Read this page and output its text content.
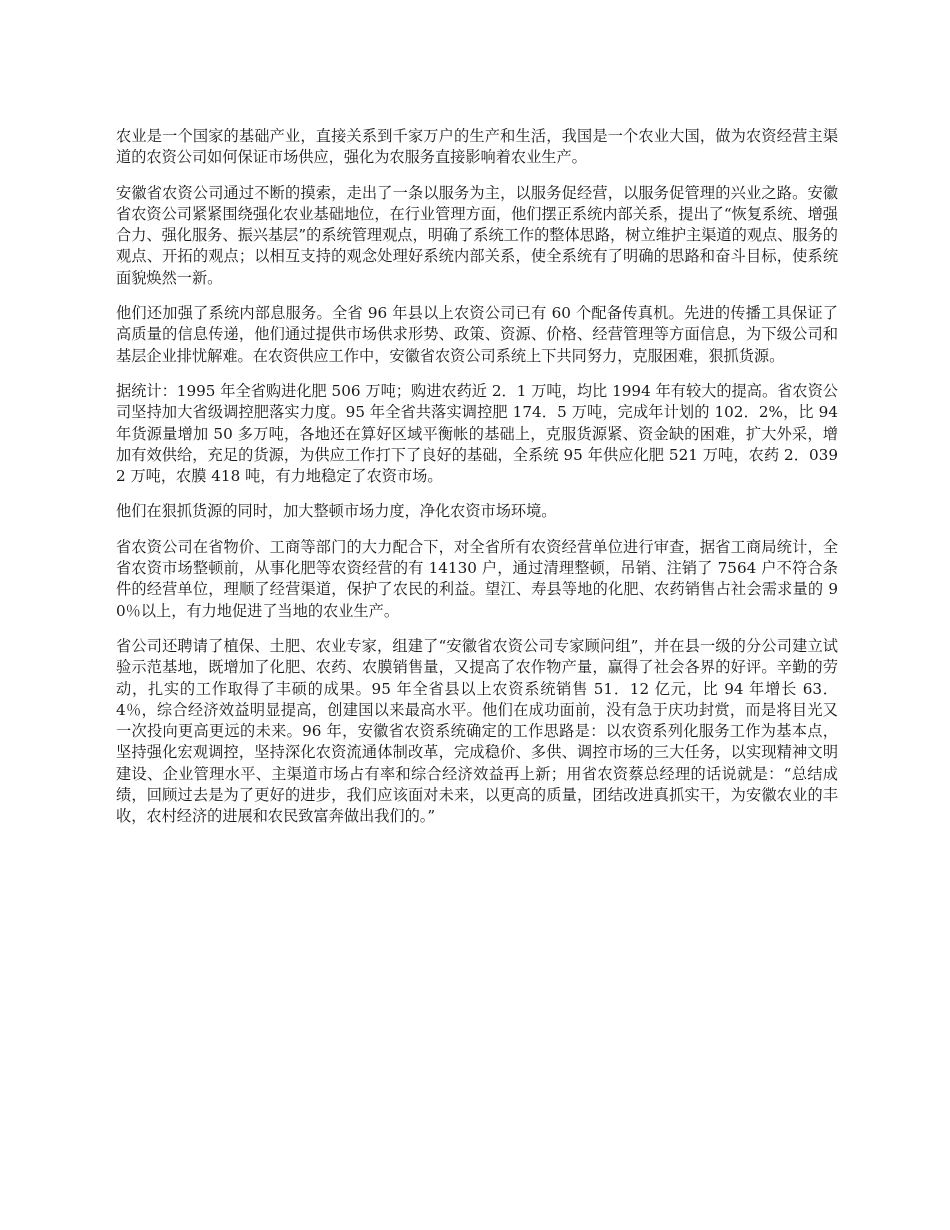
农业是一个国家的基础产业，直接关系到千家万户的生产和生活，我国是一个农业大国，做为农资经营主渠道的农资公司如何保证市场供应，强化为农服务直接影响着农业生产。

安徽省农资公司通过不断的摸索，走出了一条以服务为主，以服务促经营，以服务促管理的兴业之路。安徽省农资公司紧紧围绕强化农业基础地位，在行业管理方面，他们摆正系统内部关系，提出了“恢复系统、增强合力、强化服务、振兴基层”的系统管理观点，明确了系统工作的整体思路，树立维护主渠道的观点、服务的观点、开拓的观点；以相互支持的观念处理好系统内部关系，使全系统有了明确的思路和奋斗目标，使系统面貌焕然一新。

他们还加强了系统内部息服务。全省 96 年县以上农资公司已有 60 个配备传真机。先进的传播工具保证了高质量的信息传递，他们通过提供市场供求形势、政策、资源、价格、经营管理等方面信息，为下级公司和基层企业排忧解难。在农资供应工作中，安徽省农资公司系统上下共同努力，克服困难，狠抓货源。

据统计：1995 年全省购进化肥 506 万吨；购进农药近 2．1 万吨，均比 1994 年有较大的提高。省农资公司坚持加大省级调控肥落实力度。95 年全省共落实调控肥 174．5 万吨，完成年计划的 102．2%，比 94 年货源量增加 50 多万吨，各地还在算好区域平衡帐的基础上，克服货源紧、资金缺的困难，扩大外采，增加有效供给，充足的货源，为供应工作打下了良好的基础，全系统 95 年供应化肥 521 万吨，农药 2．0392 万吨，农膜 418 吨，有力地稳定了农资市场。

他们在狠抓货源的同时，加大整顿市场力度，净化农资市场环境。

省农资公司在省物价、工商等部门的大力配合下，对全省所有农资经营单位进行审查，据省工商局统计，全省农资市场整顿前，从事化肥等农资经营的有 14130 户，通过清理整顿，吊销、注销了 7564 户不符合条件的经营单位，理顺了经营渠道，保护了农民的利益。望江、寿县等地的化肥、农药销售占社会需求量的 90％以上，有力地促进了当地的农业生产。

省公司还聘请了植保、土肥、农业专家，组建了“安徽省农资公司专家顾问组”，并在县一级的分公司建立试验示范基地，既增加了化肥、农药、农膜销售量，又提高了农作物产量，赢得了社会各界的好评。辛勤的劳动，扎实的工作取得了丰硕的成果。95 年全省县以上农资系统销售 51．12 亿元，比 94 年增长 63．4％，综合经济效益明显提高，创建国以来最高水平。他们在成功面前，没有急于庆功封赏，而是将目光又一次投向更高更远的未来。96 年，安徽省农资系统确定的工作思路是：以农资系列化服务工作为基本点，坚持强化宏观调控，坚持深化农资流通体制改革，完成稳价、多供、调控市场的三大任务，以实现精神文明建设、企业管理水平、主渠道市场占有率和综合经济效益再上新；用省农资蔡总经理的话说就是：“总结成绩，回顾过去是为了更好的进步，我们应该面对未来，以更高的质量，团结改进真抓实干，为安徽农业的丰收，农村经济的进展和农民致富奔做出我们的。”
